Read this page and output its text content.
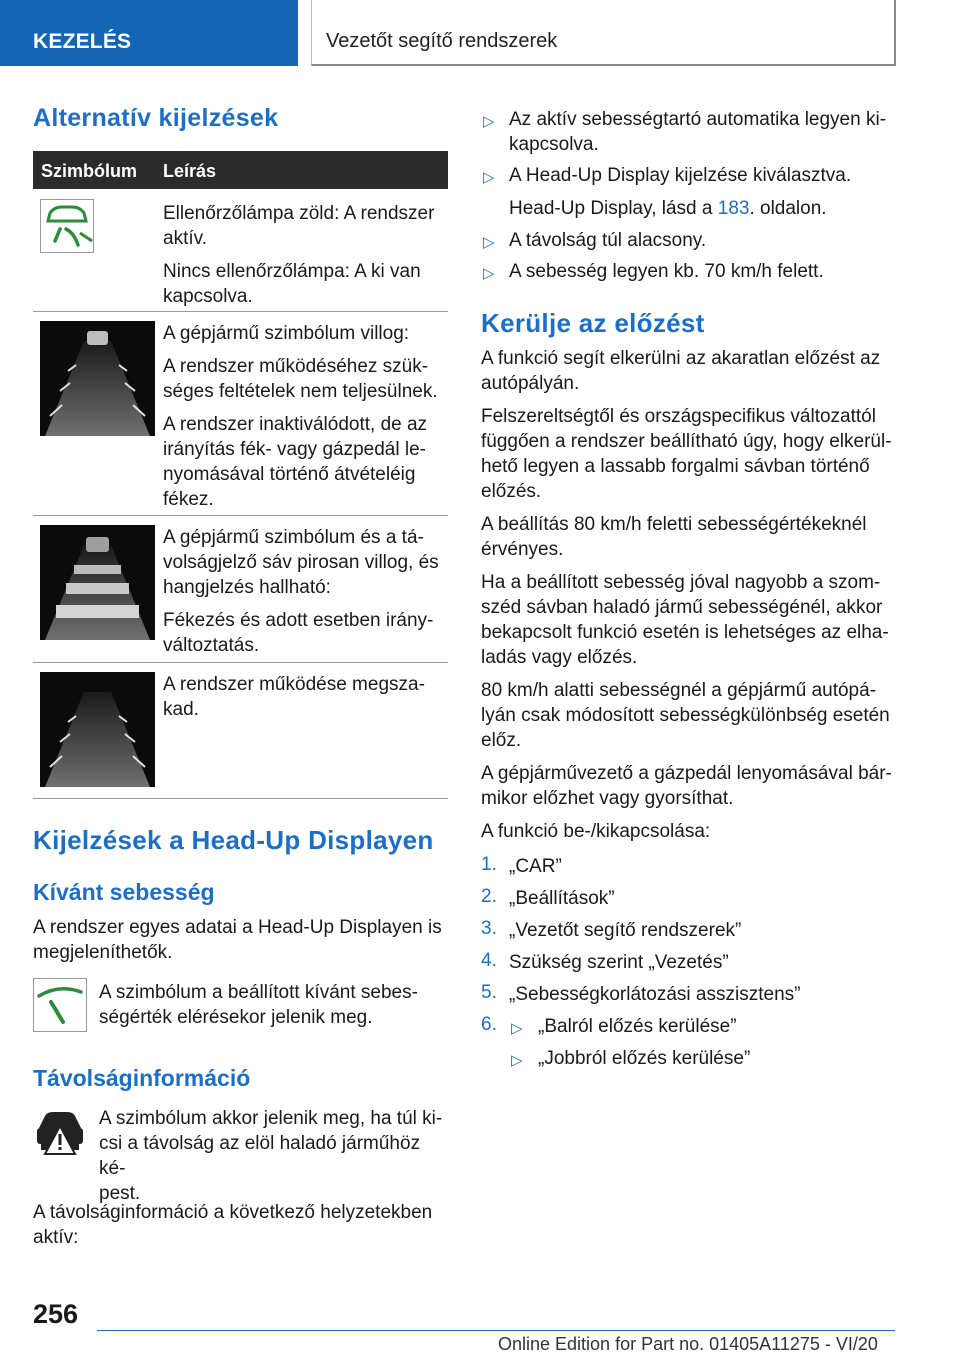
KEZELÉS	Vezetőt segítő rendszerek
Alternatív kijelzések
Szimbólum Leírás
Ellenőrzőlámpa zöld: A rendszer
aktív.
Nincs ellenőrzőlámpa: A ki van
kapcsolva.
A gépjármű szimbólum villog:
A rendszer működéséhez szük-
séges feltételek nem teljesülnek.
A rendszer inaktiválódott, de az
irányítás fék- vagy gázpedál le-
nyomásával történő átvételéig
fékez.
A gépjármű szimbólum és a tá-
volságjelző sáv pirosan villog, és
hangjelzés hallható:
Fékezés és adott esetben irány-
változtatás.
A rendszer működése megsza-
kad.
Kijelzések a Head-Up Displayen
Kívánt sebesség
A rendszer egyes adatai a Head-Up Displayen is
megjeleníthetők.
A szimbólum a beállított kívánt sebes-
ségérték elérésekor jelenik meg.
Távolságinformáció
A szimbólum akkor jelenik meg, ha túl ki-
csi a távolság az elöl haladó járműhöz ké-
pest.
A távolságinformáció a következő helyzetekben
aktív:
▷ Az aktív sebességtartó automatika legyen ki-
kapcsolva.
▷ A Head-Up Display kijelzése kiválasztva.
Head-Up Display, lásd a 183. oldalon.
▷ A távolság túl alacsony.
▷ A sebesség legyen kb. 70 km/h felett.
Kerülje az előzést
A funkció segít elkerülni az akaratlan előzést az
autópályán.
Felszereltségtől és országspecifikus változattól
függően a rendszer beállítható úgy, hogy elkerül-
hető legyen a lassabb forgalmi sávban történő
előzés.
A beállítás 80 km/h feletti sebességértékeknél
érvényes.
Ha a beállított sebesség jóval nagyobb a szom-
széd sávban haladó jármű sebességénél, akkor
bekapcsolt funkció esetén is lehetséges az elha-
ladás vagy előzés.
80 km/h alatti sebességnél a gépjármű autópá-
lyán csak módosított sebességkülönbség esetén
előz.
A gépjárművezető a gázpedál lenyomásával bár-
mikor előzhet vagy gyorsíthat.
A funkció be-/kikapcsolása:
1. „CAR”
2. „Beállítások”
3. „Vezetőt segítő rendszerek”
4. Szükség szerint „Vezetés”
5. „Sebességkorlátozási asszisztens”
6. ▷ „Balról előzés kerülése”
▷ „Jobbról előzés kerülése”
256
Online Edition for Part no. 01405A11275 - VI/20
